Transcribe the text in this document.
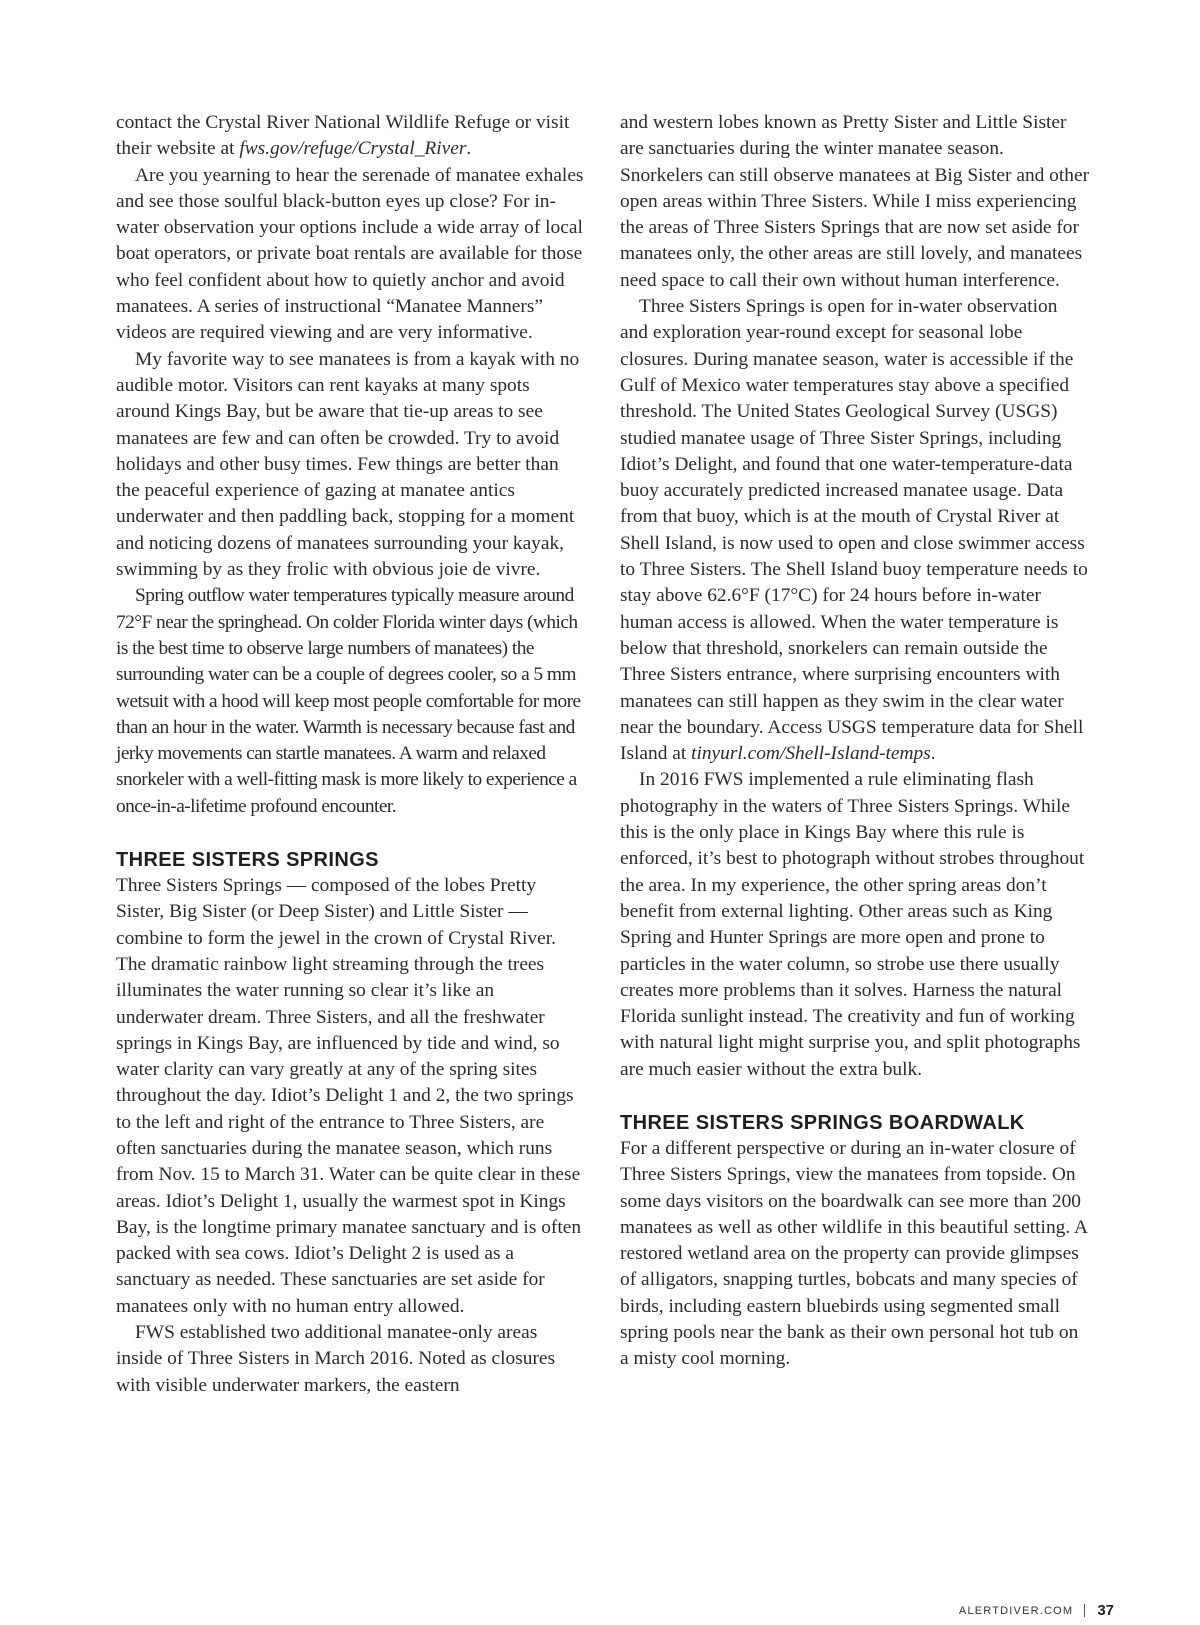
contact the Crystal River National Wildlife Refuge or visit their website at fws.gov/refuge/Crystal_River.

Are you yearning to hear the serenade of manatee exhales and see those soulful black-button eyes up close? For in-water observation your options include a wide array of local boat operators, or private boat rentals are available for those who feel confident about how to quietly anchor and avoid manatees. A series of instructional “Manatee Manners” videos are required viewing and are very informative.

My favorite way to see manatees is from a kayak with no audible motor. Visitors can rent kayaks at many spots around Kings Bay, but be aware that tie-up areas to see manatees are few and can often be crowded. Try to avoid holidays and other busy times. Few things are better than the peaceful experience of gazing at manatee antics underwater and then paddling back, stopping for a moment and noticing dozens of manatees surrounding your kayak, swimming by as they frolic with obvious joie de vivre.

Spring outflow water temperatures typically measure around 72°F near the springhead. On colder Florida winter days (which is the best time to observe large numbers of manatees) the surrounding water can be a couple of degrees cooler, so a 5 mm wetsuit with a hood will keep most people comfortable for more than an hour in the water. Warmth is necessary because fast and jerky movements can startle manatees. A warm and relaxed snorkeler with a well-fitting mask is more likely to experience a once-in-a-lifetime profound encounter.

THREE SISTERS SPRINGS

Three Sisters Springs — composed of the lobes Pretty Sister, Big Sister (or Deep Sister) and Little Sister — combine to form the jewel in the crown of Crystal River. The dramatic rainbow light streaming through the trees illuminates the water running so clear it’s like an underwater dream. Three Sisters, and all the freshwater springs in Kings Bay, are influenced by tide and wind, so water clarity can vary greatly at any of the spring sites throughout the day. Idiot’s Delight 1 and 2, the two springs to the left and right of the entrance to Three Sisters, are often sanctuaries during the manatee season, which runs from Nov. 15 to March 31. Water can be quite clear in these areas. Idiot’s Delight 1, usually the warmest spot in Kings Bay, is the longtime primary manatee sanctuary and is often packed with sea cows. Idiot’s Delight 2 is used as a sanctuary as needed. These sanctuaries are set aside for manatees only with no human entry allowed.

FWS established two additional manatee-only areas inside of Three Sisters in March 2016. Noted as closures with visible underwater markers, the eastern

and western lobes known as Pretty Sister and Little Sister are sanctuaries during the winter manatee season. Snorkelers can still observe manatees at Big Sister and other open areas within Three Sisters. While I miss experiencing the areas of Three Sisters Springs that are now set aside for manatees only, the other areas are still lovely, and manatees need space to call their own without human interference.

Three Sisters Springs is open for in-water observation and exploration year-round except for seasonal lobe closures. During manatee season, water is accessible if the Gulf of Mexico water temperatures stay above a specified threshold. The United States Geological Survey (USGS) studied manatee usage of Three Sister Springs, including Idiot’s Delight, and found that one water-temperature-data buoy accurately predicted increased manatee usage. Data from that buoy, which is at the mouth of Crystal River at Shell Island, is now used to open and close swimmer access to Three Sisters. The Shell Island buoy temperature needs to stay above 62.6°F (17°C) for 24 hours before in-water human access is allowed. When the water temperature is below that threshold, snorkelers can remain outside the Three Sisters entrance, where surprising encounters with manatees can still happen as they swim in the clear water near the boundary. Access USGS temperature data for Shell Island at tinyurl.com/Shell-Island-temps.

In 2016 FWS implemented a rule eliminating flash photography in the waters of Three Sisters Springs. While this is the only place in Kings Bay where this rule is enforced, it’s best to photograph without strobes throughout the area. In my experience, the other spring areas don’t benefit from external lighting. Other areas such as King Spring and Hunter Springs are more open and prone to particles in the water column, so strobe use there usually creates more problems than it solves. Harness the natural Florida sunlight instead. The creativity and fun of working with natural light might surprise you, and split photographs are much easier without the extra bulk.

THREE SISTERS SPRINGS BOARDWALK

For a different perspective or during an in-water closure of Three Sisters Springs, view the manatees from topside. On some days visitors on the boardwalk can see more than 200 manatees as well as other wildlife in this beautiful setting. A restored wetland area on the property can provide glimpses of alligators, snapping turtles, bobcats and many species of birds, including eastern bluebirds using segmented small spring pools near the bank as their own personal hot tub on a misty cool morning.

ALERTDIVER.COM 37
